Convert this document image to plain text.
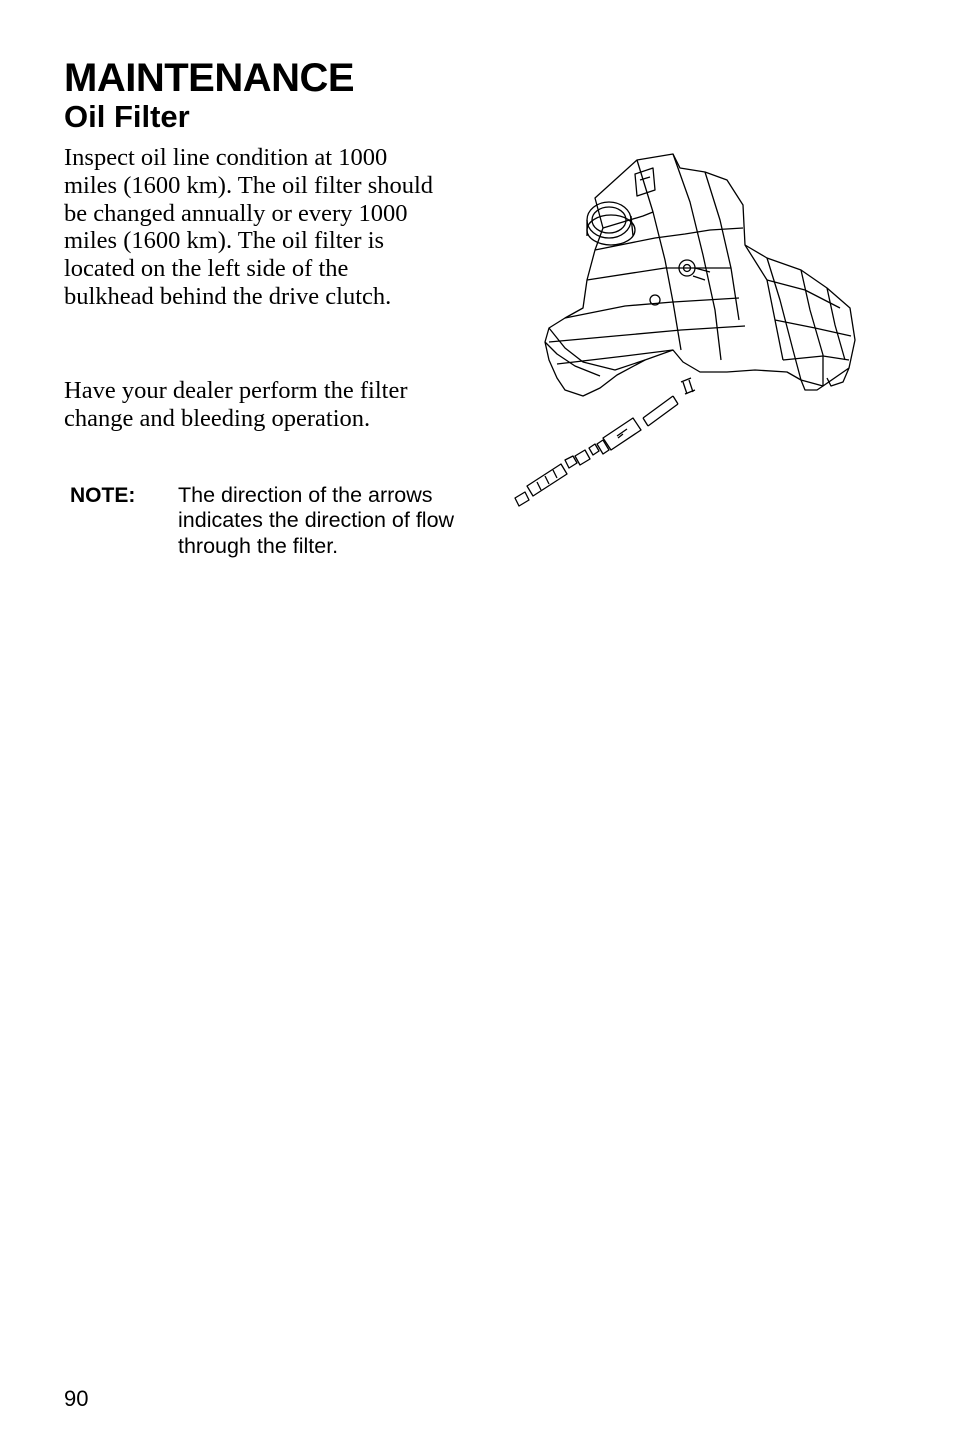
MAINTENANCE
Oil Filter

Inspect oil line condition at 1000 miles (1600 km). The oil filter should be changed annually or every 1000 miles (1600 km). The oil filter is located on the left side of the bulkhead behind the drive clutch.

Have your dealer perform the filter change and bleeding operation.

NOTE: The direction of the arrows indicates the direction of flow through the filter.
90
